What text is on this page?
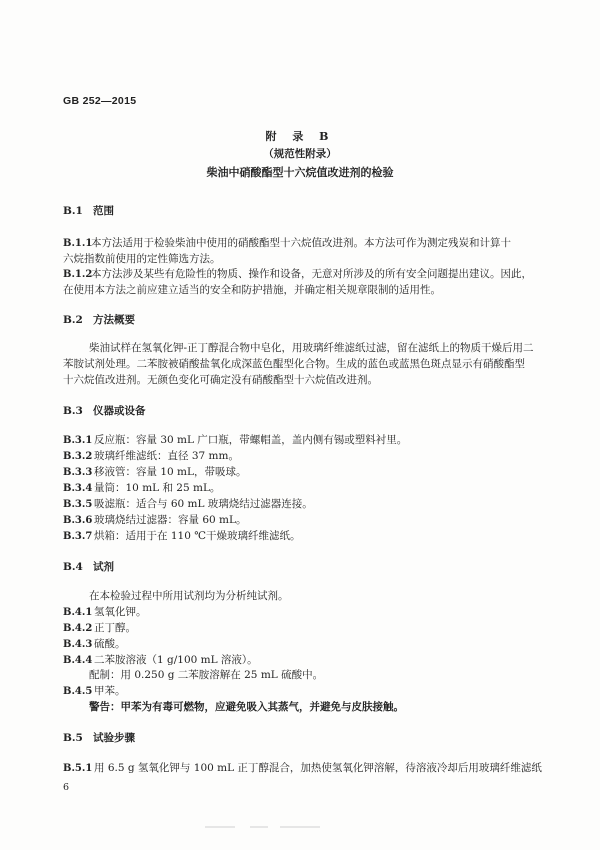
GB 252—2015
附 录 B
（规范性附录）
柴油中硝酸酯型十六烷值改进剂的检验
B.1 范围
B.1.1本方法适用于检验柴油中使用的硝酸酯型十六烷值改进剂。本方法可作为测定残炭和计算十
六烷指数前使用的定性筛选方法。
B.1.2本方法涉及某些有危险性的物质、操作和设备，无意对所涉及的所有安全问题提出建议。因此，
在使用本方法之前应建立适当的安全和防护措施，并确定相关规章限制的适用性。
B.2 方法概要
柴油试样在氢氧化钾-正丁醇混合物中皂化，用玻璃纤维滤纸过滤，留在滤纸上的物质干燥后用二
苯胺试剂处理。二苯胺被硝酸盐氧化成深蓝色醌型化合物。生成的蓝色或蓝黑色斑点显示有硝酸酯型
十六烷值改进剂。无颜色变化可确定没有硝酸酯型十六烷值改进剂。
B.3 仪器或设备
B.3.1 反应瓶：容量 30 mL 广口瓶，带螺帽盖，盖内侧有锡或塑料衬里。
B.3.2 玻璃纤维滤纸：直径 37 mm。
B.3.3 移液管：容量 10 mL，带吸球。
B.3.4 量筒：10 mL 和 25 mL。
B.3.5 吸滤瓶：适合与 60 mL 玻璃烧结过滤器连接。
B.3.6 玻璃烧结过滤器：容量 60 mL。
B.3.7 烘箱：适用于在 110 ℃干燥玻璃纤维滤纸。
B.4 试剂
在本检验过程中所用试剂均为分析纯试剂。
B.4.1 氢氧化钾。
B.4.2 正丁醇。
B.4.3 硫酸。
B.4.4 二苯胺溶液（1 g/100 mL 溶液）。
配制：用 0.250 g 二苯胺溶解在 25 mL 硫酸中。
B.4.5 甲苯。
警告：甲苯为有毒可燃物，应避免吸入其蒸气，并避免与皮肤接触。
B.5 试验步骤
B.5.1 用 6.5 g 氢氧化钾与 100 mL 正丁醇混合，加热使氢氧化钾溶解，待溶液冷却后用玻璃纤维滤纸
6
